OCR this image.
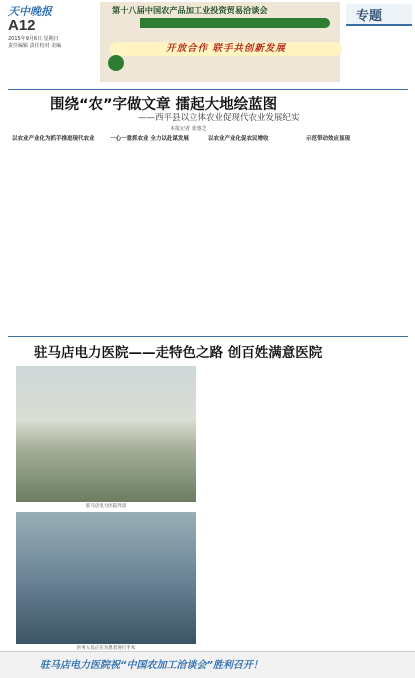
天中晚报
A12
2015年9月6日 星期日
责任编辑 责任校对 美编
第十八届中国农产品加工业投资贸易洽谈会
开放合作 联手共创新发展
专题
围绕“农”字做文章 擂起大地绘蓝图
——西平县以立体农业促现代农业发展纪实
本报记者 张惠芝
以农业产业化为抓手推进现代农业	一心一意抓农业 全力以赴谋发展	以农业产业化促农民增收	示范带动效应显现
驻马店电力医院——走特色之路 创百姓满意医院
驻马店电力医院外景
医务人员正在为患者进行手术
驻马店电力医院祝“中国农加工洽谈会”胜利召开！
